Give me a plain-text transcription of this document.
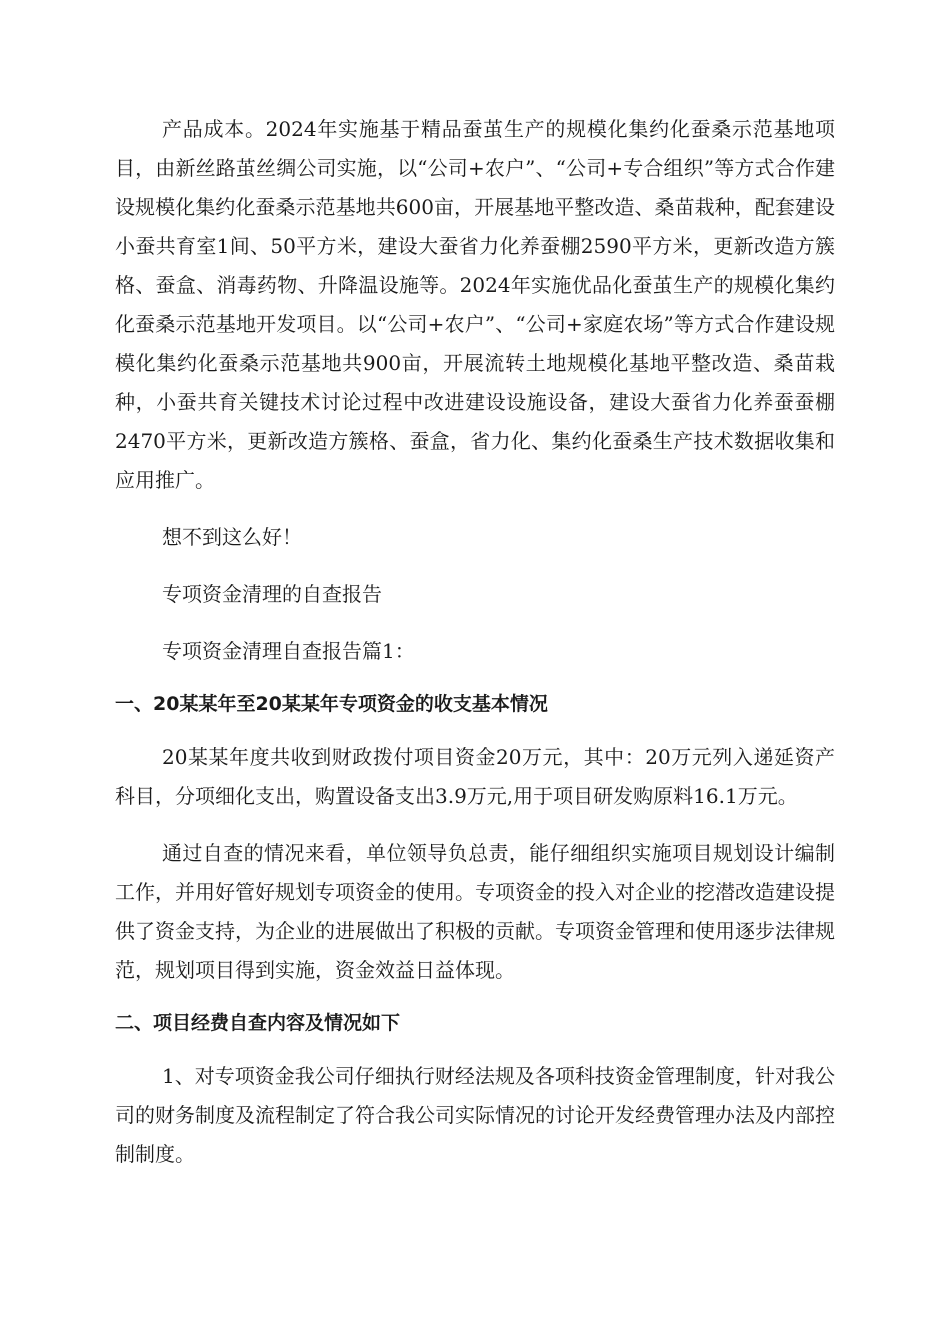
产品成本。2024年实施基于精品蚕茧生产的规模化集约化蚕桑示范基地项目，由新丝路茧丝绸公司实施，以“公司+农户”、“公司+专合组织”等方式合作建设规模化集约化蚕桑示范基地共600亩，开展基地平整改造、桑苗栽种，配套建设小蚕共育室1间、50平方米，建设大蚕省力化养蚕棚2590平方米，更新改造方簇格、蚕盒、消毒药物、升降温设施等。2024年实施优品化蚕茧生产的规模化集约化蚕桑示范基地开发项目。以“公司+农户”、“公司+家庭农场”等方式合作建设规模化集约化蚕桑示范基地共900亩，开展流转土地规模化基地平整改造、桑苗栽种，小蚕共育关键技术讨论过程中改进建设设施设备，建设大蚕省力化养蚕蚕棚2470平方米，更新改造方簇格、蚕盒，省力化、集约化蚕桑生产技术数据收集和应用推广。

想不到这么好！

专项资金清理的自查报告

专项资金清理自查报告篇1：

一、20某某年至20某某年专项资金的收支基本情况

20某某年度共收到财政拨付项目资金20万元，其中：20万元列入递延资产科目，分项细化支出，购置设备支出3.9万元,用于项目研发购原料16.1万元。

通过自查的情况来看，单位领导负总责，能仔细组织实施项目规划设计编制工作，并用好管好规划专项资金的使用。专项资金的投入对企业的挖潜改造建设提供了资金支持，为企业的进展做出了积极的贡献。专项资金管理和使用逐步法律规范，规划项目得到实施，资金效益日益体现。

二、项目经费自查内容及情况如下

1、对专项资金我公司仔细执行财经法规及各项科技资金管理制度，针对我公司的财务制度及流程制定了符合我公司实际情况的讨论开发经费管理办法及内部控制制度。
